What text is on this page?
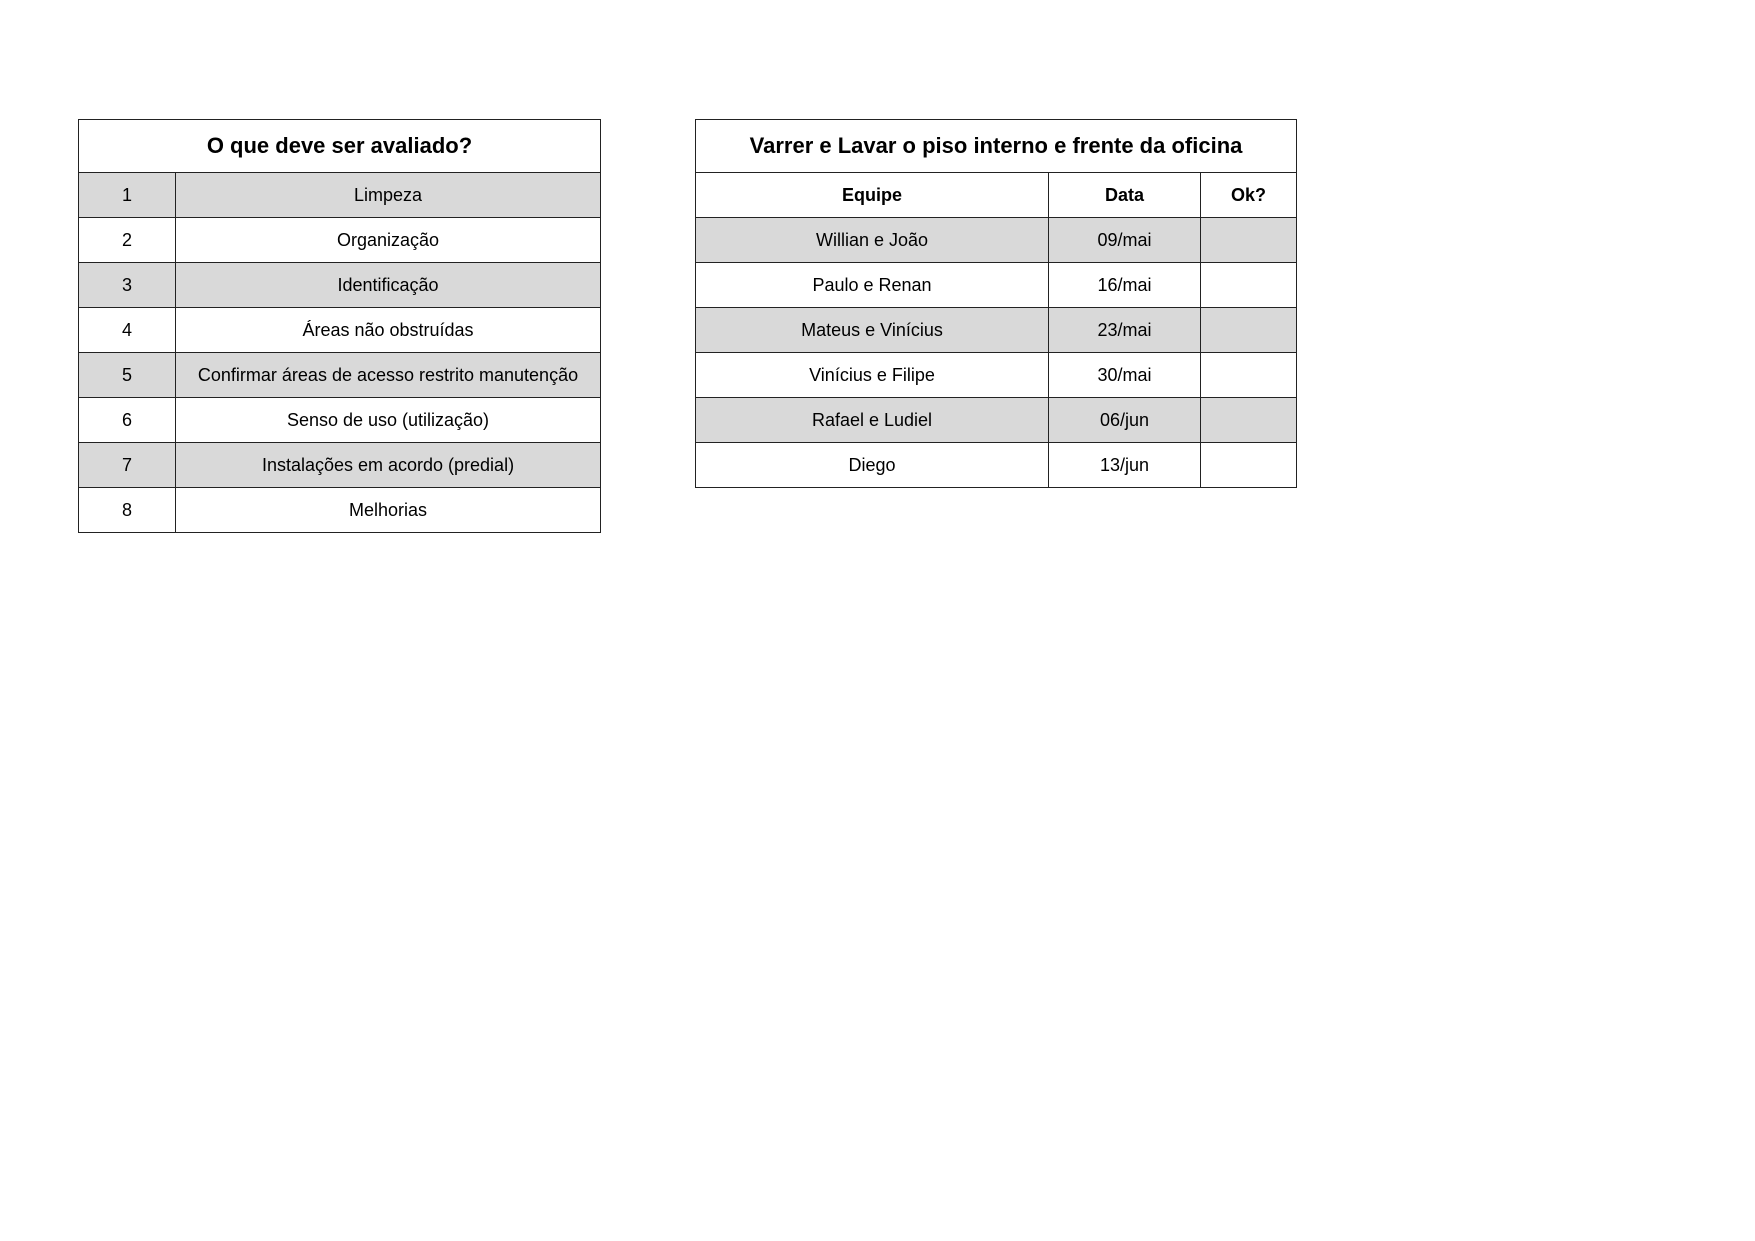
O que deve ser avaliado?	
1	Limpeza
2	Organização
3	Identificação
4	Áreas não obstruídas
5	Confirmar áreas de acesso restrito manutenção
6	Senso de uso (utilização)
7	Instalações em acordo (predial)
8	Melhorias
Varrer e Lavar o piso interno e frente da oficina		
Equipe	Data	Ok?
Willian e João	09/mai	
Paulo e Renan	16/mai	
Mateus e Vinícius	23/mai	
Vinícius e Filipe	30/mai	
Rafael e Ludiel	06/jun	
Diego	13/jun	
